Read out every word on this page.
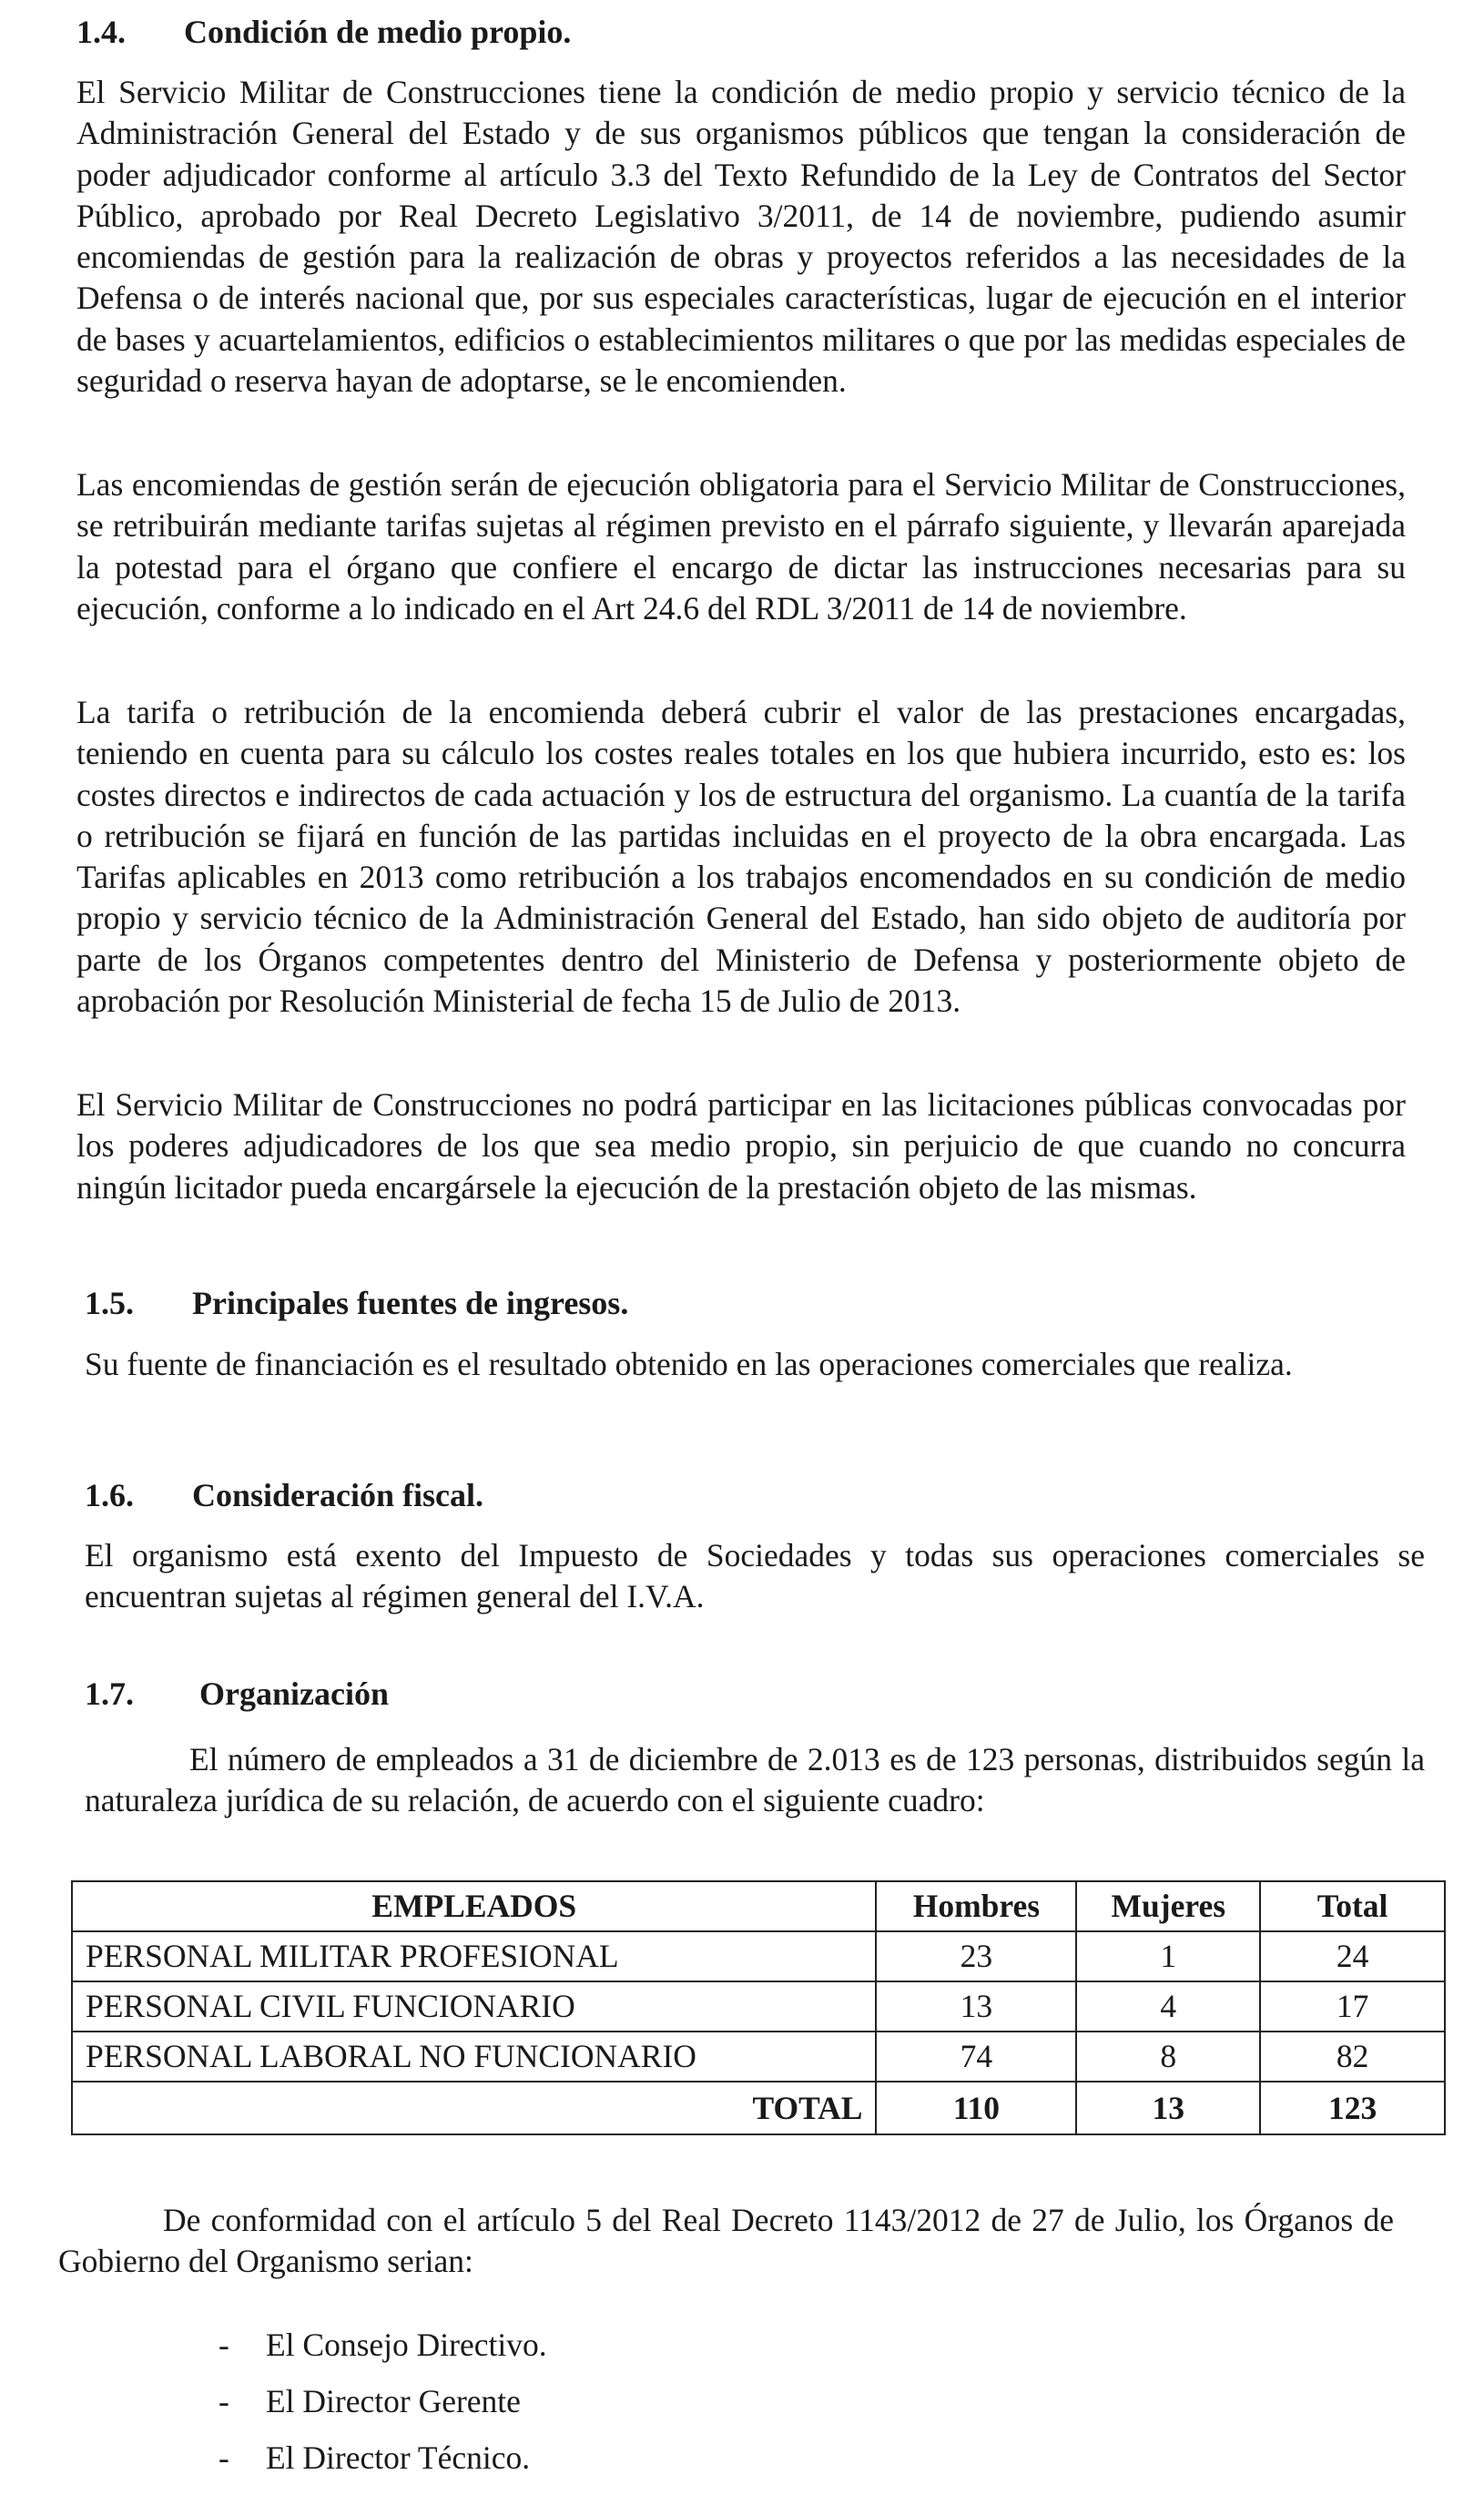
1.4. Condición de medio propio.

El Servicio Militar de Construcciones tiene la condición de medio propio y servicio técnico de la Administración General del Estado y de sus organismos públicos que tengan la consideración de poder adjudicador conforme al artículo 3.3 del Texto Refundido de la Ley de Contratos del Sector Público, aprobado por Real Decreto Legislativo 3/2011, de 14 de noviembre, pudiendo asumir encomiendas de gestión para la realización de obras y proyectos referidos a las necesidades de la Defensa o de interés nacional que, por sus especiales características, lugar de ejecución en el interior de bases y acuartelamientos, edificios o establecimientos militares o que por las medidas especiales de seguridad o reserva hayan de adoptarse, se le encomienden.

Las encomiendas de gestión serán de ejecución obligatoria para el Servicio Militar de Construcciones, se retribuirán mediante tarifas sujetas al régimen previsto en el párrafo siguiente, y llevarán aparejada la potestad para el órgano que confiere el encargo de dictar las instrucciones necesarias para su ejecución, conforme a lo indicado en el Art 24.6 del RDL 3/2011 de 14 de noviembre.

La tarifa o retribución de la encomienda deberá cubrir el valor de las prestaciones encargadas, teniendo en cuenta para su cálculo los costes reales totales en los que hubiera incurrido, esto es: los costes directos e indirectos de cada actuación y los de estructura del organismo. La cuantía de la tarifa o retribución se fijará en función de las partidas incluidas en el proyecto de la obra encargada. Las Tarifas aplicables en 2013 como retribución a los trabajos encomendados en su condición de medio propio y servicio técnico de la Administración General del Estado, han sido objeto de auditoría por parte de los Órganos competentes dentro del Ministerio de Defensa y posteriormente objeto de aprobación por Resolución Ministerial de fecha 15 de Julio de 2013.

El Servicio Militar de Construcciones no podrá participar en las licitaciones públicas convocadas por los poderes adjudicadores de los que sea medio propio, sin perjuicio de que cuando no concurra ningún licitador pueda encargársele la ejecución de la prestación objeto de las mismas.

1.5. Principales fuentes de ingresos.

Su fuente de financiación es el resultado obtenido en las operaciones comerciales que realiza.

1.6. Consideración fiscal.

El organismo está exento del Impuesto de Sociedades y todas sus operaciones comerciales se encuentran sujetas al régimen general del I.V.A.

1.7. Organización

El número de empleados a 31 de diciembre de 2.013 es de 123 personas, distribuidos según la naturaleza jurídica de su relación, de acuerdo con el siguiente cuadro:

EMPLEADOS	Hombres	Mujeres	Total
PERSONAL MILITAR PROFESIONAL	23	1	24
PERSONAL CIVIL FUNCIONARIO	13	4	17
PERSONAL LABORAL NO FUNCIONARIO	74	8	82
TOTAL	110	13	123

De conformidad con el artículo 5 del Real Decreto 1143/2012 de 27 de Julio, los Órganos de Gobierno del Organismo serian:

- El Consejo Directivo.
- El Director Gerente
- El Director Técnico.
